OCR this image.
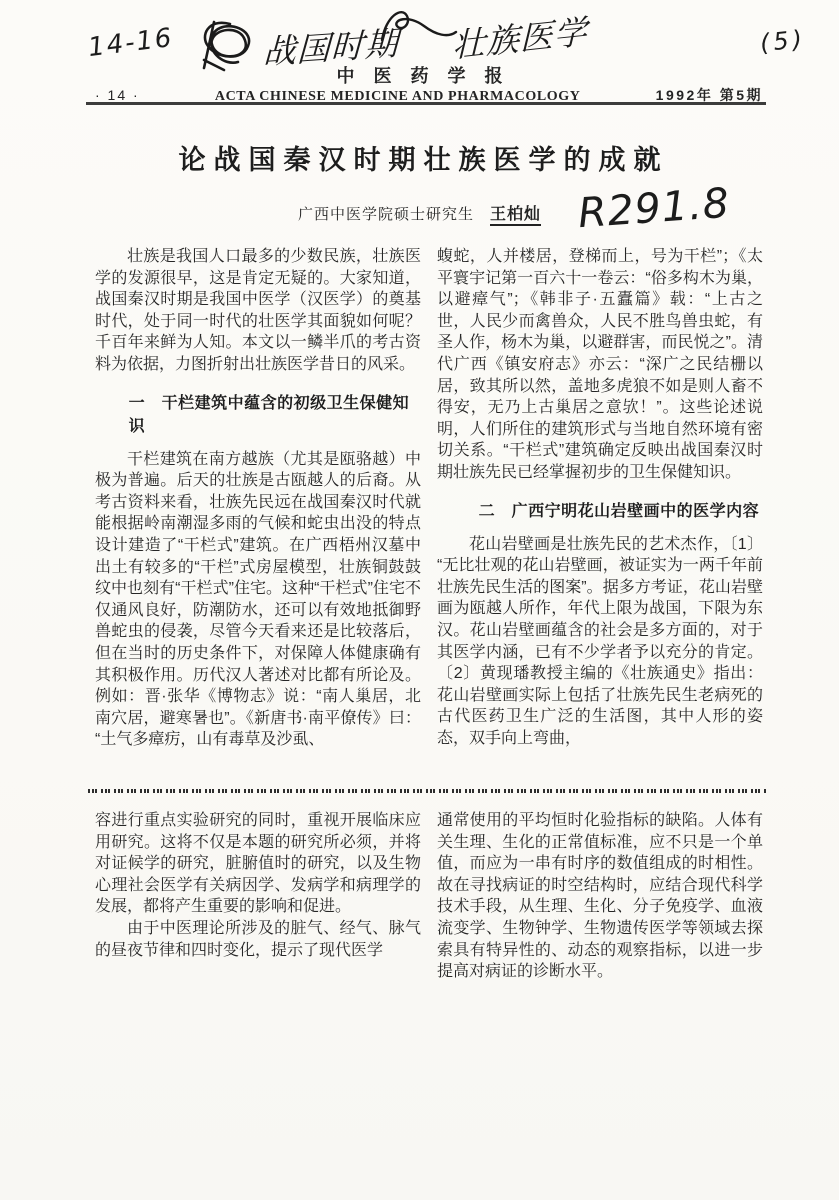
14-16	战国时期 壮族医学	(5)
中医药学报
· 14 ·	ACTA CHINESE MEDICINE AND PHARMACOLOGY	1992年 第5期
论战国秦汉时期壮族医学的成就
广西中医学院硕士研究生 王柏灿 R291.8

壮族是我国人口最多的少数民族，壮族医学的发源很早，这是肯定无疑的。大家知道，战国秦汉时期是我国中医学（汉医学）的奠基时代，处于同一时代的壮医学其面貌如何呢？千百年来鲜为人知。本文以一鳞半爪的考古资料为依据，力图折射出壮族医学昔日的风采。

一　干栏建筑中蕴含的初级卫生保健知识

干栏建筑在南方越族（尤其是瓯骆越）中极为普遍。后天的壮族是古瓯越人的后裔。从考古资料来看，壮族先民远在战国秦汉时代就能根据岭南潮湿多雨的气候和蛇虫出没的特点设计建造了“干栏式”建筑。在广西梧州汉墓中出土有较多的“干栏”式房屋模型，壮族铜鼓鼓纹中也刻有“干栏式”住宅。这种“干栏式”住宅不仅通风良好，防潮防水，还可以有效地抵御野兽蛇虫的侵袭，尽管今天看来还是比较落后，但在当时的历史条件下，对保障人体健康确有其积极作用。历代汉人著述对比都有所论及。例如：晋·张华《博物志》说：“南人巢居，北南穴居，避寒暑也”。《新唐书·南平僚传》曰：“土气多瘴疠，山有毒草及沙虱、

蝮蛇，人并楼居，登梯而上，号为干栏”；《太平寰宇记第一百六十一卷云：“俗多构木为巢，以避瘴气”；《韩非子·五蠹篇》载：“上古之世，人民少而禽兽众，人民不胜鸟兽虫蛇，有圣人作，杨木为巢，以避群害，而民悦之”。清代广西《镇安府志》亦云：“深广之民结栅以居，致其所以然，盖地多虎狼不如是则人畜不得安，无乃上古巢居之意欤！”。这些论述说明，人们所住的建筑形式与当地自然环境有密切关系。“干栏式”建筑确定反映出战国秦汉时期壮族先民已经掌握初步的卫生保健知识。

二　广西宁明花山岩壁画中的医学内容

花山岩壁画是壮族先民的艺术杰作，〔1〕“无比壮观的花山岩壁画，被证实为一两千年前壮族先民生活的图案”。据多方考证，花山岩壁画为瓯越人所作，年代上限为战国，下限为东汉。花山岩壁画蕴含的社会是多方面的，对于其医学内涵，已有不少学者予以充分的肯定。〔2〕黄现璠教授主编的《壮族通史》指出：花山岩壁画实际上包括了壮族先民生老病死的古代医药卫生广泛的生活图，其中人形的姿态，双手向上弯曲，

容进行重点实验研究的同时，重视开展临床应用研究。这将不仅是本题的研究所必须，并将对证候学的研究，脏腑值时的研究，以及生物心理社会医学有关病因学、发病学和病理学的发展，都将产生重要的影响和促进。

由于中医理论所涉及的脏气、经气、脉气的昼夜节律和四时变化，提示了现代医学

通常使用的平均恒时化验指标的缺陷。人体有关生理、生化的正常值标准，应不只是一个单值，而应为一串有时序的数值组成的时相性。故在寻找病证的时空结构时，应结合现代科学技术手段，从生理、生化、分子免疫学、血液流变学、生物钟学、生物遗传医学等领域去探索具有特异性的、动态的观察指标，以进一步提高对病证的诊断水平。
